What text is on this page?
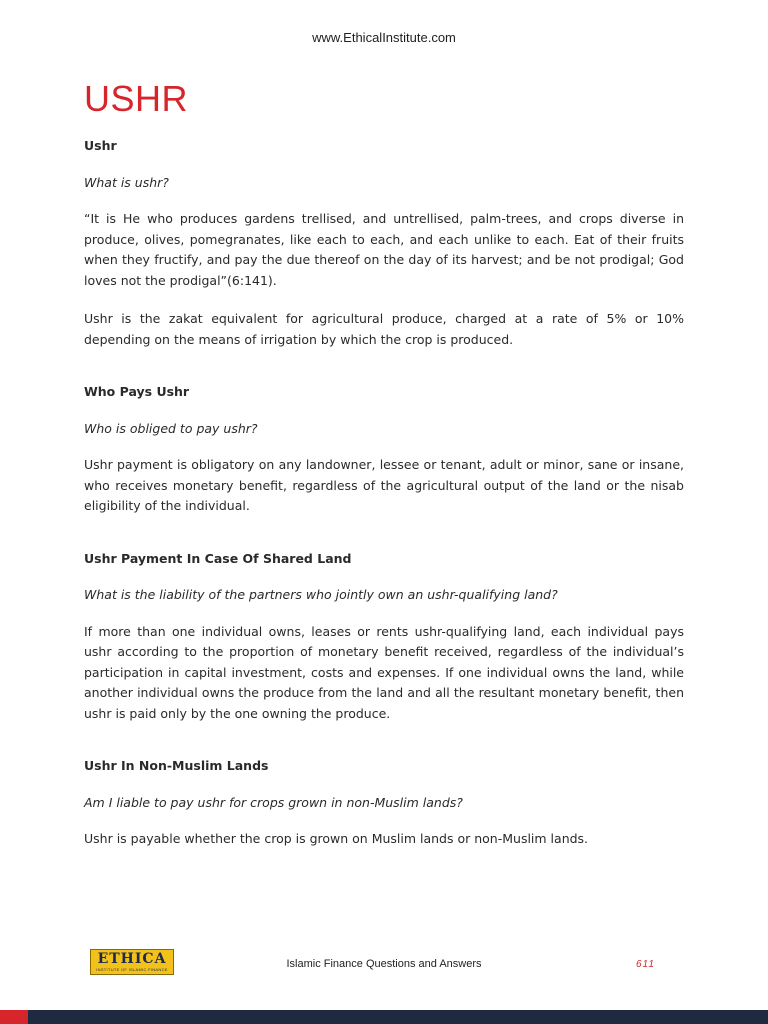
www.EthicalInstitute.com
USHR

Ushr

What is ushr?

“It is He who produces gardens trellised, and untrellised, palm-trees, and crops diverse in produce, olives, pomegranates, like each to each, and each unlike to each. Eat of their fruits when they fructify, and pay the due thereof on the day of its harvest; and be not prodigal; God loves not the prodigal”(6:141).

Ushr is the zakat equivalent for agricultural produce, charged at a rate of 5% or 10% depending on the means of irrigation by which the crop is produced.

Who Pays Ushr

Who is obliged to pay ushr?

Ushr payment is obligatory on any landowner, lessee or tenant, adult or minor, sane or insane, who receives monetary benefit, regardless of the agricultural output of the land or the nisab eligibility of the individual.

Ushr Payment In Case Of Shared Land

What is the liability of the partners who jointly own an ushr-qualifying land?

If more than one individual owns, leases or rents ushr-qualifying land, each individual pays ushr according to the proportion of monetary benefit received, regardless of the individual’s participation in capital investment, costs and expenses. If one individual owns the land, while another individual owns the produce from the land and all the resultant monetary benefit, then ushr is paid only by the one owning the produce.

Ushr In Non-Muslim Lands

Am I liable to pay ushr for crops grown in non-Muslim lands?

Ushr is payable whether the crop is grown on Muslim lands or non-Muslim lands.

ETHICA
INSTITUTE OF ISLAMIC FINANCE	Islamic Finance Questions and Answers	611
